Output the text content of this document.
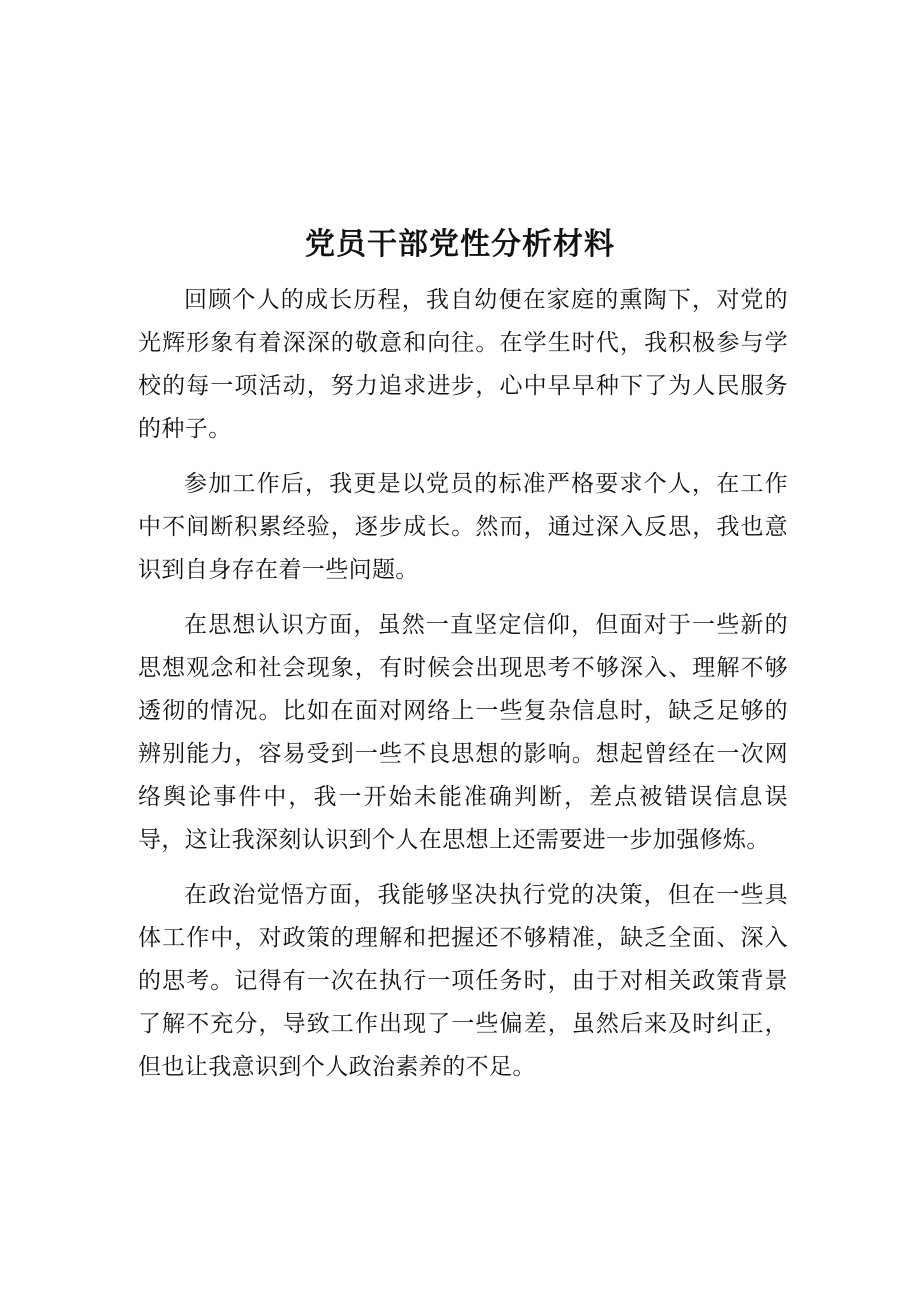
党员干部党性分析材料

回顾个人的成长历程，我自幼便在家庭的熏陶下，对党的光辉形象有着深深的敬意和向往。在学生时代，我积极参与学校的每一项活动，努力追求进步，心中早早种下了为人民服务的种子。

参加工作后，我更是以党员的标准严格要求个人，在工作中不间断积累经验，逐步成长。然而，通过深入反思，我也意识到自身存在着一些问题。

在思想认识方面，虽然一直坚定信仰，但面对于一些新的思想观念和社会现象，有时候会出现思考不够深入、理解不够透彻的情况。比如在面对网络上一些复杂信息时，缺乏足够的辨别能力，容易受到一些不良思想的影响。想起曾经在一次网络舆论事件中，我一开始未能准确判断，差点被错误信息误导，这让我深刻认识到个人在思想上还需要进一步加强修炼。

在政治觉悟方面，我能够坚决执行党的决策，但在一些具体工作中，对政策的理解和把握还不够精准，缺乏全面、深入的思考。记得有一次在执行一项任务时，由于对相关政策背景了解不充分，导致工作出现了一些偏差，虽然后来及时纠正，但也让我意识到个人政治素养的不足。
